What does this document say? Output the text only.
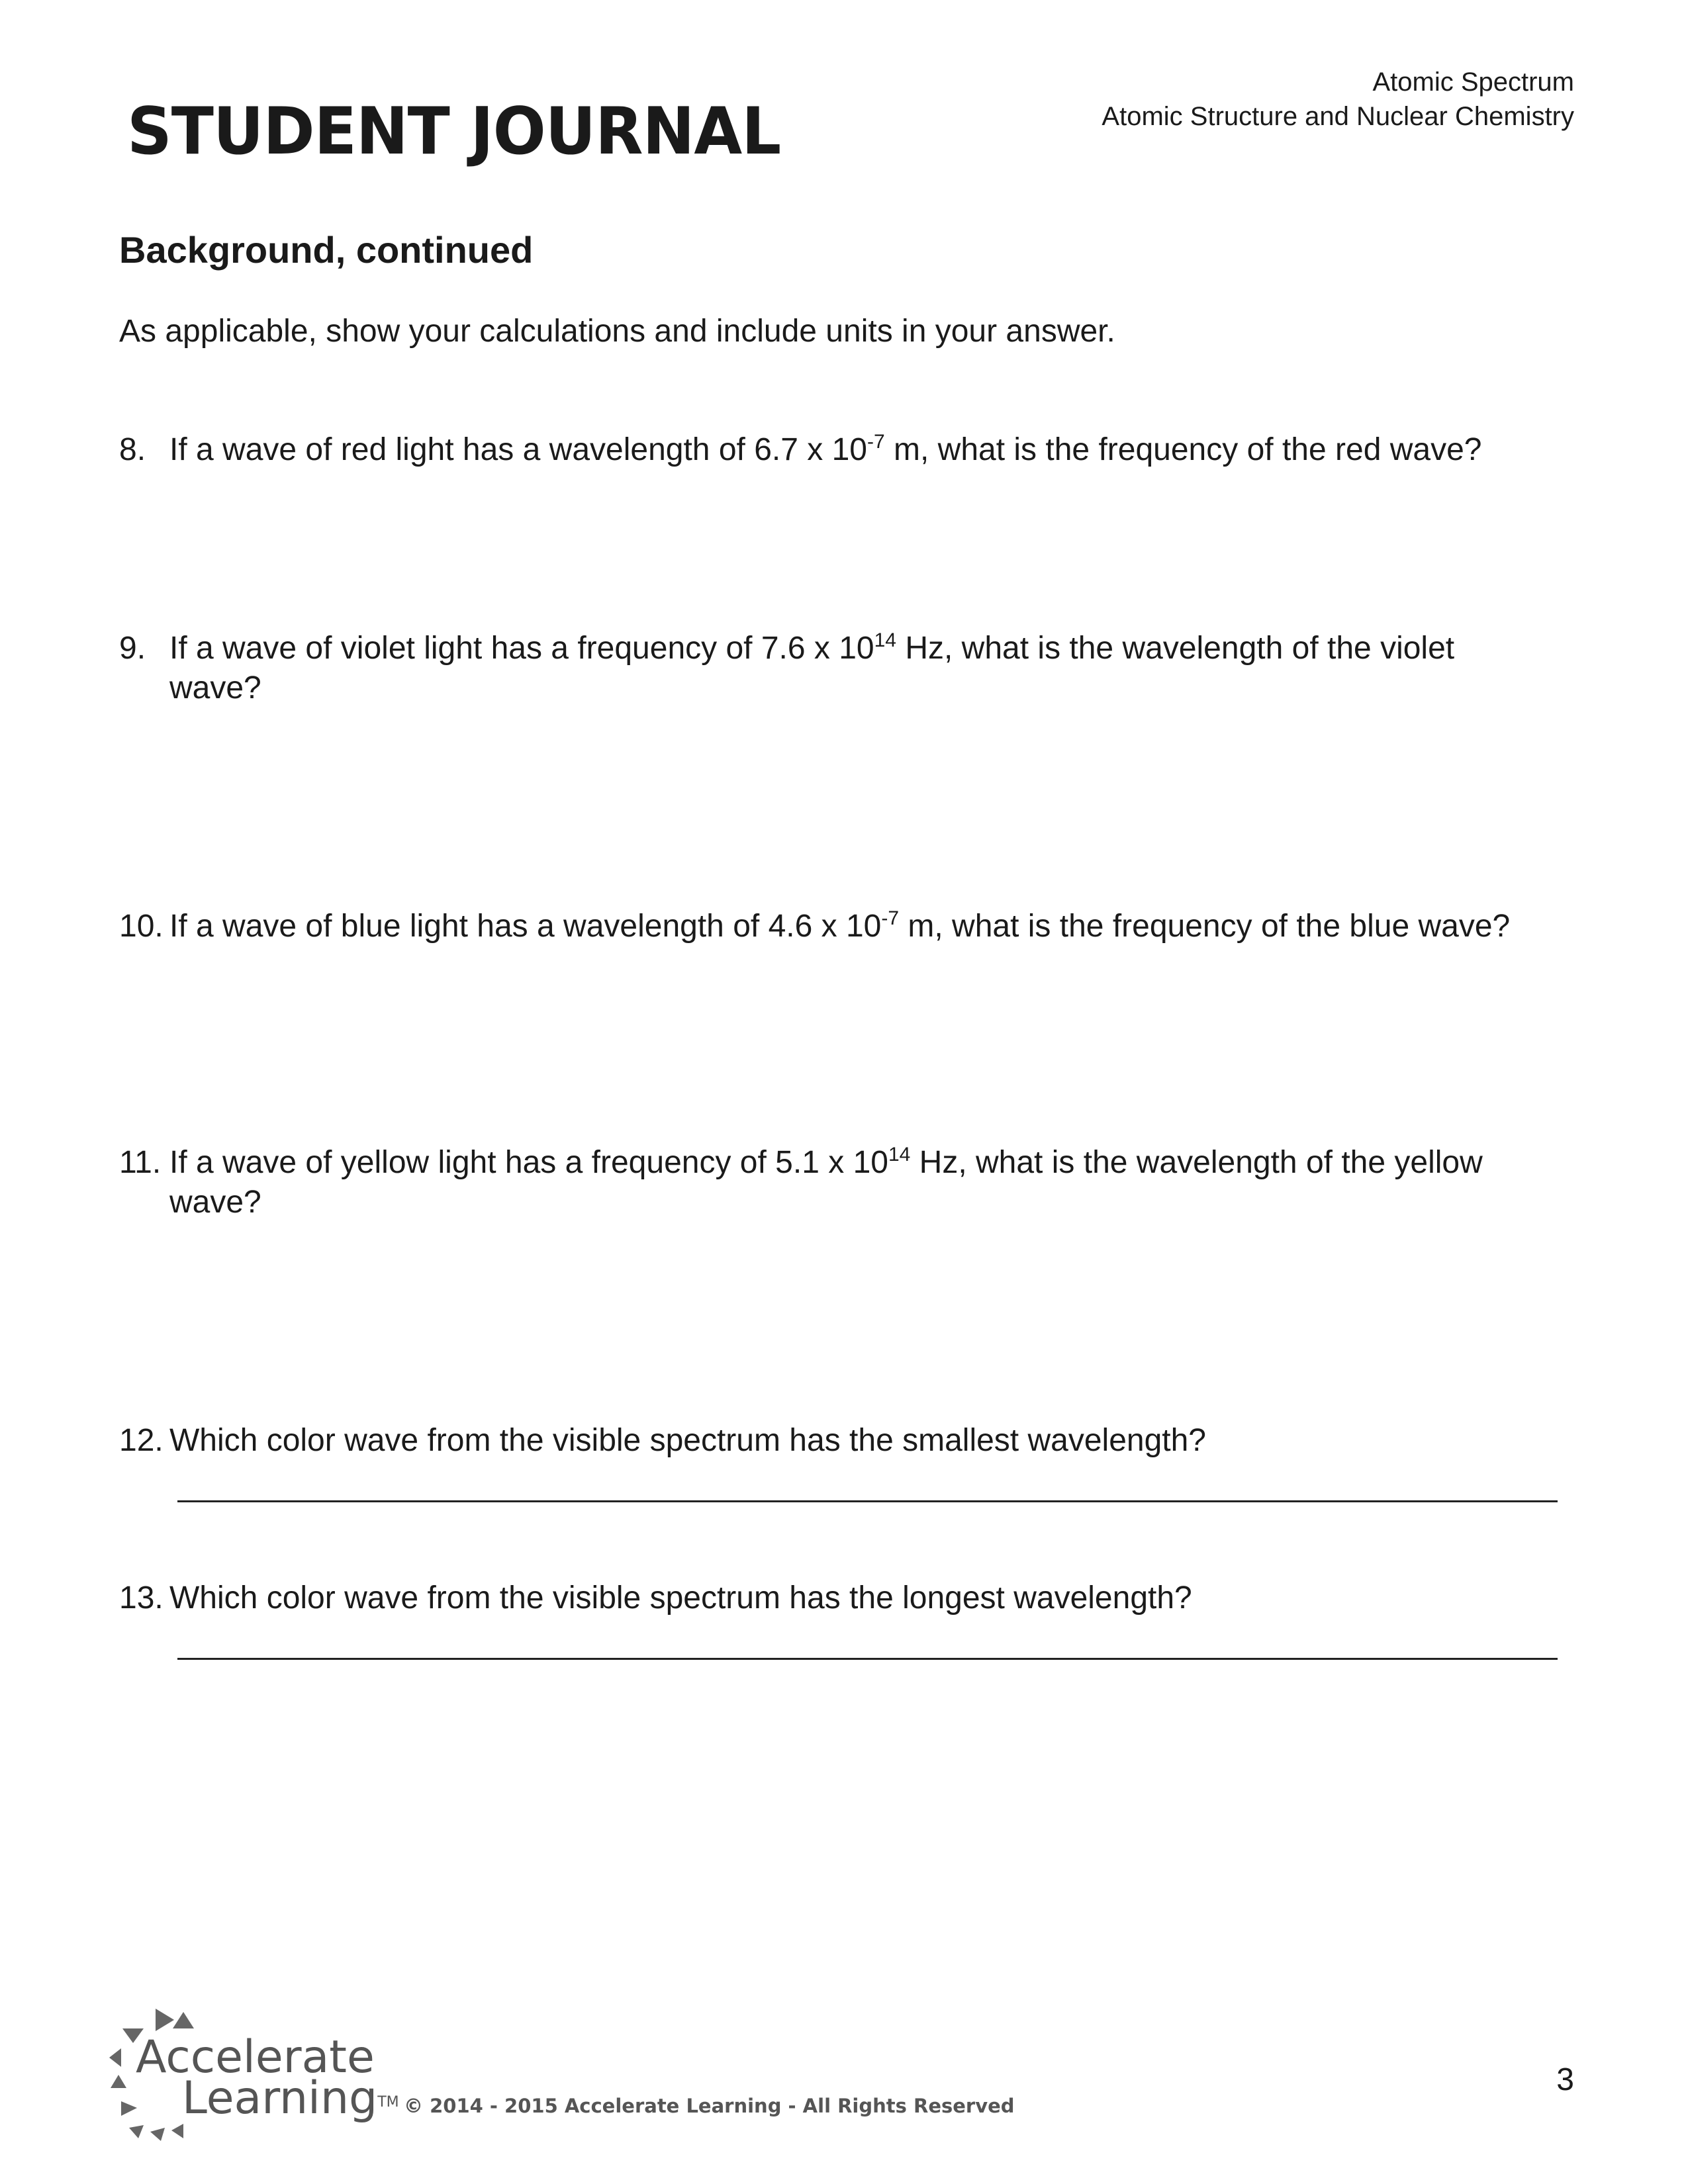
STUDENT JOURNAL
Atomic Spectrum
Atomic Structure and Nuclear Chemistry
Background, continued
As applicable, show your calculations and include units in your answer.
8. If a wave of red light has a wavelength of 6.7 x $10^{-7}$ m, what is the frequency of the red wave?
9. If a wave of violet light has a frequency of 7.6 x $10^{14}$ Hz, what is the wavelength of the violet wave?
10. If a wave of blue light has a wavelength of 4.6 x $10^{-7}$ m, what is the frequency of the blue wave?
11. If a wave of yellow light has a frequency of 5.1 x $10^{14}$ Hz, what is the wavelength of the yellow wave?
12. Which color wave from the visible spectrum has the smallest wavelength?
13. Which color wave from the visible spectrum has the longest wavelength?
Accelerate
LearningTM © 2014 - 2015 Accelerate Learning - All Rights Reserved
3
